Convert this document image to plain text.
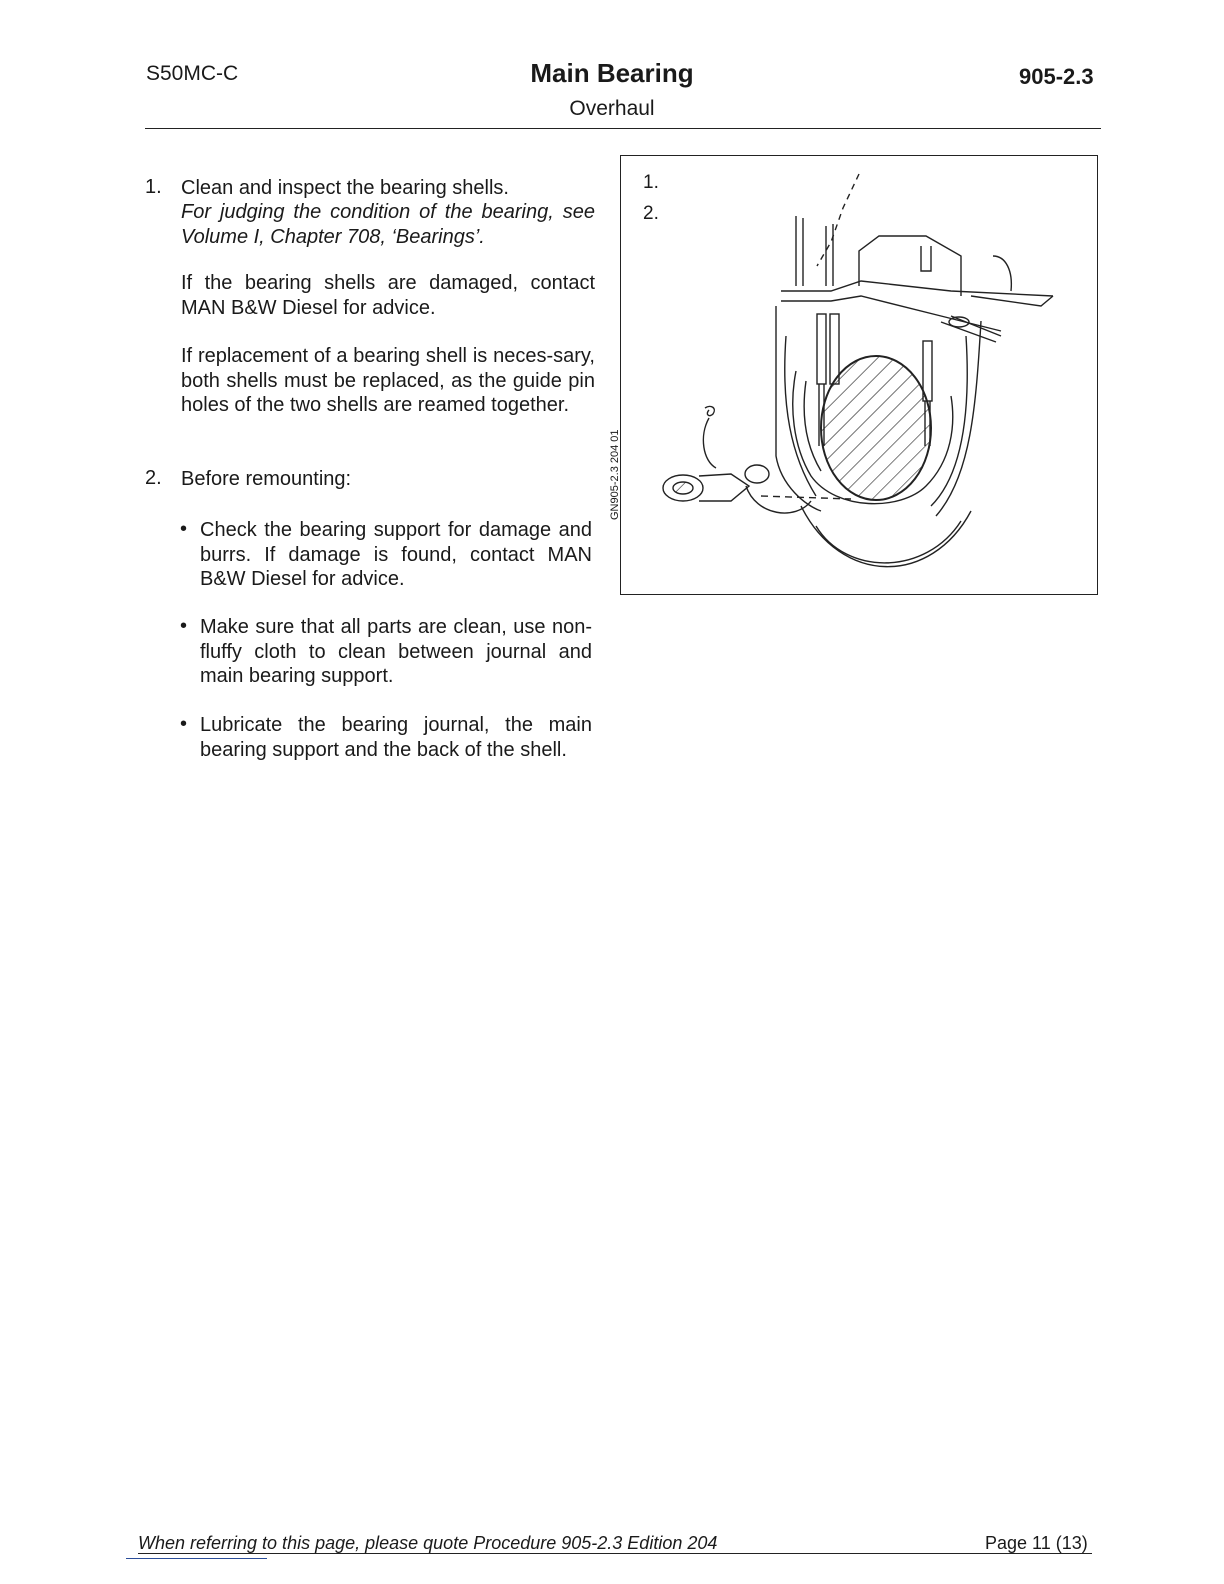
S50MC-C	Main Bearing
Overhaul
905-2.3
1. Clean and inspect the bearing shells.
For judging the condition of the bearing, see Volume I, Chapter 708, ‘Bearings’.
If the bearing shells are damaged, contact MAN B&W Diesel for advice.
If replacement of a bearing shell is neces-sary, both shells must be replaced, as the guide pin holes of the two shells are reamed together.
2. Before remounting:
• Check the bearing support for damage and burrs. If damage is found, contact MAN B&W Diesel for advice.
• Make sure that all parts are clean, use non-fluffy cloth to clean between journal and main bearing support.
• Lubricate the bearing journal, the main bearing support and the back of the shell.
1.
2.
GN905-2.3 204 01
When referring to this page, please quote Procedure 905-2.3 Edition 204	Page 11 (13)
